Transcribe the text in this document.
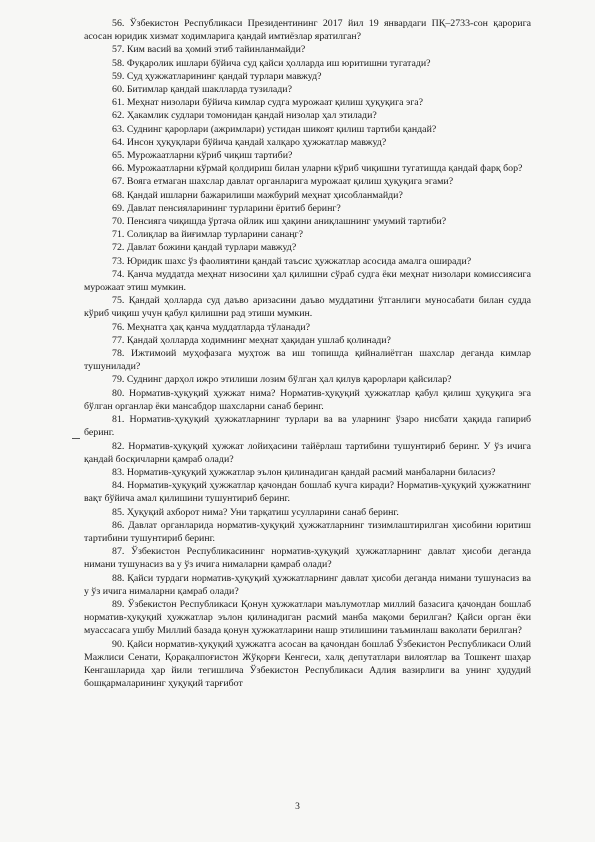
56. Ўзбекистон Республикаси Президентининг 2017 йил 19 январдаги ПҚ–2733-сон қарорига асосан юридик хизмат ходимларига қандай имтиёзлар яратилган?

57. Ким васий ва ҳомий этиб тайинланмайди?

58. Фуқаролик ишлари бўйича суд қайси ҳолларда иш юритишни тугатади?

59. Суд ҳужжатларининг қандай турлари мавжуд?

60. Битимлар қандай шаклларда тузилади?

61. Меҳнат низолари бўйича кимлар судга мурожаат қилиш ҳуқуқига эга?

62. Ҳакамлик судлари томонидан қандай низолар ҳал этилади?

63. Суднинг қарорлари (ажримлари) устидан шикоят қилиш тартиби қандай?

64. Инсон ҳуқуқлари бўйича қандай халқаро ҳужжатлар мавжуд?

65. Мурожаатларни кўриб чиқиш тартиби?

66. Мурожаатларни кўрмай қолдириш билан уларни кўриб чиқишни тугатишда қандай фарқ бор?

67. Вояга етмаган шахслар давлат органларига мурожаат қилиш ҳуқуқига эгами?

68. Қандай ишларни бажарилиши мажбурий меҳнат ҳисобланмайди?

69. Давлат пенсияларининг турларини ёритиб беринг?

70. Пенсияга чиқишда ўртача ойлик иш ҳақини аниқлашнинг умумий тартиби?

71. Солиқлар ва йиғимлар турларини санаңг?

72. Давлат божини қандай турлари мавжуд?

73. Юридик шахс ўз фаолиятини қандай таъсис ҳужжатлар асосида амалга оширади?

74. Қанча муддатда меҳнат низосини ҳал қилишни сўраб судга ёки меҳнат низолари комиссиясига мурожаат этиш мумкин.

75. Қандай ҳолларда суд даъво аризасини даъво муддатини ўтганлиги муносабати билан судда кўриб чиқиш учун қабул қилишни рад этиши мумкин.

76. Меҳнатга ҳақ қанча муддатларда тўланади?

77. Қандай ҳолларда ходимнинг меҳнат ҳақидан ушлаб қолинади?

78. Ижтимоий муҳофазага муҳтож ва иш топишда қийналиётган шахслар деганда кимлар тушунилади?

79. Суднинг дарҳол ижро этилиши лозим бўлган ҳал қилув қарорлари қайсилар?

80. Норматив-ҳуқуқий ҳужжат нима? Норматив-ҳуқуқий ҳужжатлар қабул қилиш ҳуқуқига эга бўлган органлар ёки мансабдор шахсларни санаб беринг.

81. Норматив-ҳуқуқий ҳужжатларнинг турлари ва ва уларнинг ўзаро нисбати ҳақида гапириб беринг.

82. Норматив-ҳуқуқий ҳужжат лойиҳасини тайёрлаш тартибини тушунтириб беринг. У ўз ичига қандай босқичларни қамраб олади?

83. Норматив-ҳуқуқий ҳужжатлар эълон қилинадиган қандай расмий манбаларни биласиз?

84. Норматив-ҳуқуқий ҳужжатлар қачондан бошлаб кучга киради? Норматив-ҳуқуқий ҳужжатнинг вақт бўйича амал қилишини тушунтириб беринг.

85. Ҳуқуқий ахборот нима? Уни тарқатиш усулларини санаб беринг.

86. Давлат органларида норматив-ҳуқуқий ҳужжатларнинг тизимлаштирилган ҳисобини юритиш тартибини тушунтириб беринг.

87. Ўзбекистон Республикасининг норматив-ҳуқуқий ҳужжатларнинг давлат ҳисоби деганда нимани тушунасиз ва у ўз ичига нималарни қамраб олади?

88. Қайси турдаги норматив-ҳуқуқий ҳужжатларнинг давлат ҳисоби деганда нимани тушунасиз ва у ўз ичига нималарни қамраб олади?

89. Ўзбекистон Республикаси Қонун ҳужжатлари маълумотлар миллий базасига қачондан бошлаб норматив-ҳуқуқий ҳужжатлар эълон қилинадиган расмий манба мақоми берилган? Қайси орган ёки муассасага ушбу Миллий базада қонун ҳужжатларини нашр этилишини таъминлаш ваколати берилган?

90. Қайси норматив-ҳуқуқий ҳужжатга асосан ва қачондан бошлаб Ўзбекистон Республикаси Олий Мажлиси Сенати, Қорақалпоғистон Жўқорғи Кенгеси, халқ депутатлари вилоятлар ва Тошкент шаҳар Кенгашларида ҳар йили тегишлича Ўзбекистон Республикаси Адлия вазирлиги ва унинг ҳудудий бошқармаларининг ҳуқуқий тарғибот

3
